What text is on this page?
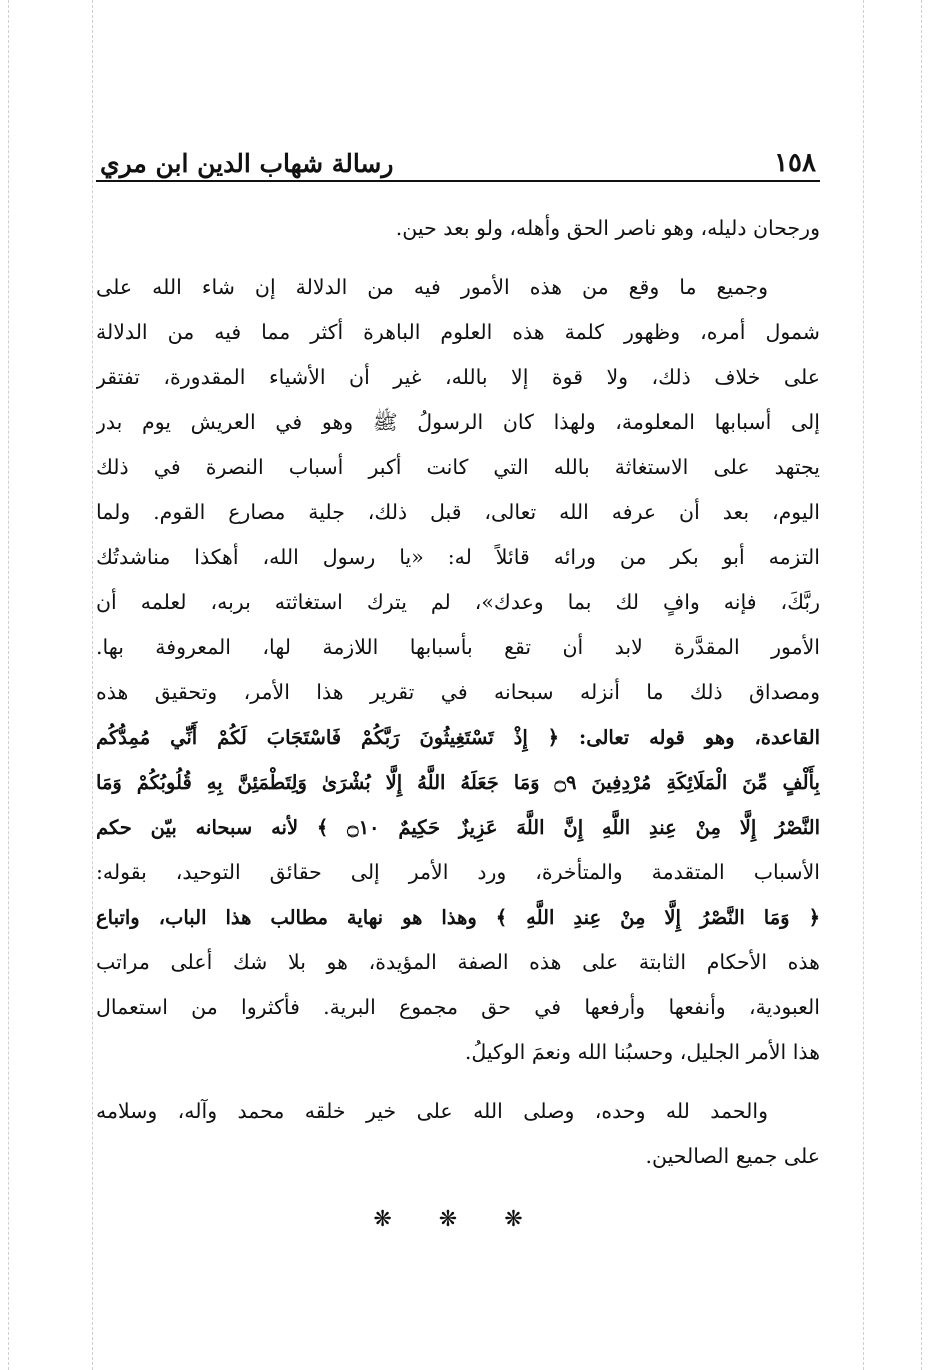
١٥٨
رسالة شهاب الدين ابن مري
ورجحان دليله، وهو ناصر الحق وأهله، ولو بعد حين.
وجميع ما وقع من هذه الأمور فيه من الدلالة إن شاء الله على
شمول أمره، وظهور كلمة هذه العلوم الباهرة أكثر مما فيه من الدلالة
على خلاف ذلك، ولا قوة إلا بالله، غير أن الأشياء المقدورة، تفتقر
إلى أسبابها المعلومة، ولهذا كان الرسولُ ﷺ وهو في العريش يوم بدر
يجتهد على الاستغاثة بالله التي كانت أكبر أسباب النصرة في ذلك
اليوم، بعد أن عرفه الله تعالى، قبل ذلك، جلية مصارع القوم. ولما
التزمه أبو بكر من ورائه قائلاً له: «يا رسول الله، أهكذا مناشدتُك
ربَّكَ، فإنه وافٍ لك بما وعدك»، لم يترك استغاثته بربه، لعلمه أن
الأمور المقدَّرة لابد أن تقع بأسبابها اللازمة لها، المعروفة بها.
ومصداق ذلك ما أنزله سبحانه في تقرير هذا الأمر، وتحقيق هذه
القاعدة، وهو قوله تعالى: ﴿ إِذْ تَسْتَغِيثُونَ رَبَّكُمْ فَاسْتَجَابَ لَكُمْ أَنِّي مُمِدُّكُم
بِأَلْفٍ مِّنَ الْمَلَائِكَةِ مُرْدِفِينَ ۝٩ وَمَا جَعَلَهُ اللَّهُ إِلَّا بُشْرَىٰ وَلِتَطْمَئِنَّ بِهِ قُلُوبُكُمْ وَمَا
النَّصْرُ إِلَّا مِنْ عِندِ اللَّهِ إِنَّ اللَّهَ عَزِيزٌ حَكِيمٌ ۝١٠ ﴾ لأنه سبحانه بيّن حكم
الأسباب المتقدمة والمتأخرة، ورد الأمر إلى حقائق التوحيد، بقوله:
﴿ وَمَا النَّصْرُ إِلَّا مِنْ عِندِ اللَّهِ ﴾ وهذا هو نهاية مطالب هذا الباب، واتباع
هذه الأحكام الثابتة على هذه الصفة المؤيدة، هو بلا شك أعلى مراتب
العبودية، وأنفعها وأرفعها في حق مجموع البرية. فأكثروا من استعمال
هذا الأمر الجليل، وحسبُنا الله ونعمَ الوكيلُ.
والحمد لله وحده، وصلى الله على خير خلقه محمد وآله، وسلامه
على جميع الصالحين.
❋ ❋ ❋
